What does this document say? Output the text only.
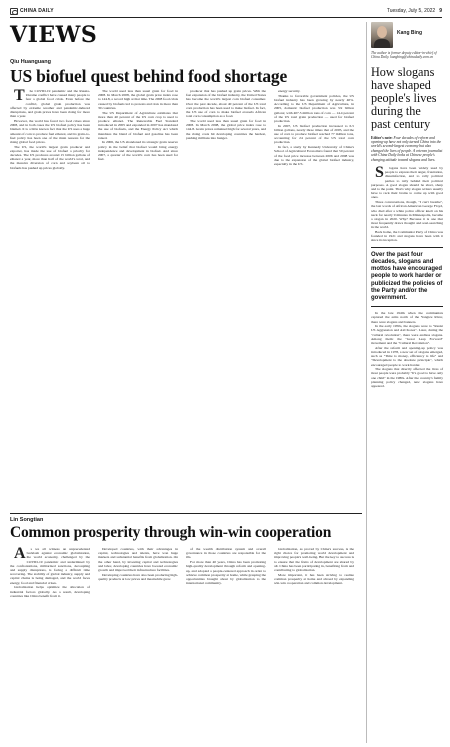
CHINA DAILY	Tuesday, July 5, 2022 9
VIEWS
Qiu Huanguang
US biofuel quest behind food shortage

The COVID-19 pandemic and the Russia-Ukraine conflict have caused many people to fear a global food crisis. Even before the conflict, global grain production was affected by extreme weather and pandemic-induced disruptions, and grain prices have been rising for more than a year.

However, the world has faced two food crises since 2008, and in both cases the US biofuel policy has been blamed. It is a little known fact that the US uses a huge amount of corn to produce fuel ethanol, and its grain-to-fuel policy has been one of the main reasons for the rising global food prices.

The US, the world's largest grain producer and exporter, has made the use of biofuel a priority for decades. The US produces around 15 billion gallons of ethanol a year, more than half of the world's total, and the massive diversion of corn and soybean oil to biofuels has pushed up prices globally.

The world used less than usual grain for food in 2008. In March 2008, the global grain price index rose to 144.8, a record high at that time. The 2008 food crisis caused by biofuels led to protests and riots in more than 30 countries.

The US Department of Agriculture estimates that more than 40 percent of the US corn crop is used to produce ethanol. The Renewable Fuel Standard introduced in 2005 and expanded in 2007 has mandated the use of biofuels, and the Energy Policy Act which mandates the blend of biofuel and gasoline has been raised.

In 2006, the US abandoned its strategic grain reserve policy in the belief that biofuel would bring energy independence and development in biofuel. And since 2007, a quarter of the world's corn has been used for fuel.

producer that has pushed up grain prices. With the fast expansion of the biofuel industry, the United States has become the world's largest corn biofuel consumer. Over the past decade, about 40 percent of the US total corn production has been used to make biofuel. In fact, the US use of corn to make biofuel exceeds African total corn consumption as a food.

The world used less than usual grain for food in 2008. In March 2008, the global price index rose to 144.8. Grain prices remained high for several years, and the rising costs hit developing countries the hardest, pushing millions into hunger.

energy security.

Thanks to favorable government policies, the US biofuel industry has been growing by nearly 40%. According to the US Department of Agriculture, in 2005, domestic biofuel production was 3.9 billion gallons; with 407.5 million tons of corn — 14.4 percent of the US total grain production — used for biofuel production.

In 2007, US biofuel production increased to 6.5 billion gallons, nearly three times that of 2005, and the use of corn to produce biofuel reached 77 million tons, accounting for 24 percent of the US total corn production.

In fact, a study by Kennedy University of China's School of Agricultural Economics found that 50 percent of the food price increase between 2006 and 2008 was due to the expansion of the global biofuel industry, especially in the US.

Lin Songtian
Common prosperity through win-win cooperation

As we all witness an unprecedented backlash against economic globalization, the world economy, challenged by the COVID-19 pandemic and undermined by the confrontations, militarized sanctions, decoupling and supply disruptions, is facing a difficult time recovering. The stability of global industry, supply and capital chains is being damaged, and the world faces energy, food and financial crises.

Globalization helps optimize the allocation of industrial factors globally. As a result, developing countries like China benefit from it.

Developed countries, with their advantages in capital, technologies and talents, have won huge markets and substantial benefits from globalization. On the other hand, by investing capital and technologies and labor, developing countries have boosted economic growth and improved their infrastructure facilities.

Developing countries have also been producing high-quality products at low prices and meanwhile grew.

of the wealth distribution system and overall governance in those countries are responsible for the ills.

For more than 40 years, China has been promoting high-quality development through reform and opening-up, and adopted a people-centered approach in order to achieve common prosperity at home, while grasping the opportunities brought about by globalization to the international community.

Globalization, as proved by China's success, is the right choice for promoting world development and improving people's well-being. But the key to success is to ensure that the fruits of development are shared by all. China has been participating in, benefiting from and contributing to globalization.

More important, it has been striving to realize common prosperity at home and abroad by expanding win-win cooperation and common development.

Kang Bing
The author is former deputy editor-in-chief of China Daily. kangbing@chinadaily.com.cn
How slogans have shaped people's lives during the past century
Editor's note: Four decades of reform and opening-up have not only turned China into the world's second-largest economy but also changed the lives of people. A veteran journalist with China Daily looks at Chinese people's changing attitude toward slogans and lives.

Slogans have been widely used by people to express their anger, frustration, dissatisfaction, and to rally political parties to rally behind their political purposes. A good slogan should be short, sharp and to the point. That's why slogan writers usually have to rack their brains to come up with good ones.

Three conversations, though, "I can't breathe", the last words of African American George Floyd, who died after a white police officer knelt on his neck for nearly 9 minutes in Minneapolis, became a slogan in 2020. Why? Because it is one that most frequently draws thought and soul-searching in the world.

Back home, the Communist Party of China was founded in 1921 and slogans have been with it since its inception.

Over the past four decades, slogans and mottos have encouraged people to work harder or publicized the policies of the Party and/or the government.

In the late 1940s when the communists captured the arms north of the Yangtze River, there were slogans and banners.

In the early 1950s, the slogans were to "Resist US Aggression and Aid Korea". Later, during the "cultural revolution", there were endless slogans. Among them: the "Great Leap Forward" movement and the "Cultural Revolution".

After the reform and opening-up policy was introduced in 1978, a new set of slogans emerged, such as "Time is money, efficiency is life" and "Development is the absolute principle", which encouraged people to work harder.

The slogans that directly affected the lives of most people were probably "It's good to have only one child" in the 1980s. After the country's family planning policy changed, new slogans have appeared.
